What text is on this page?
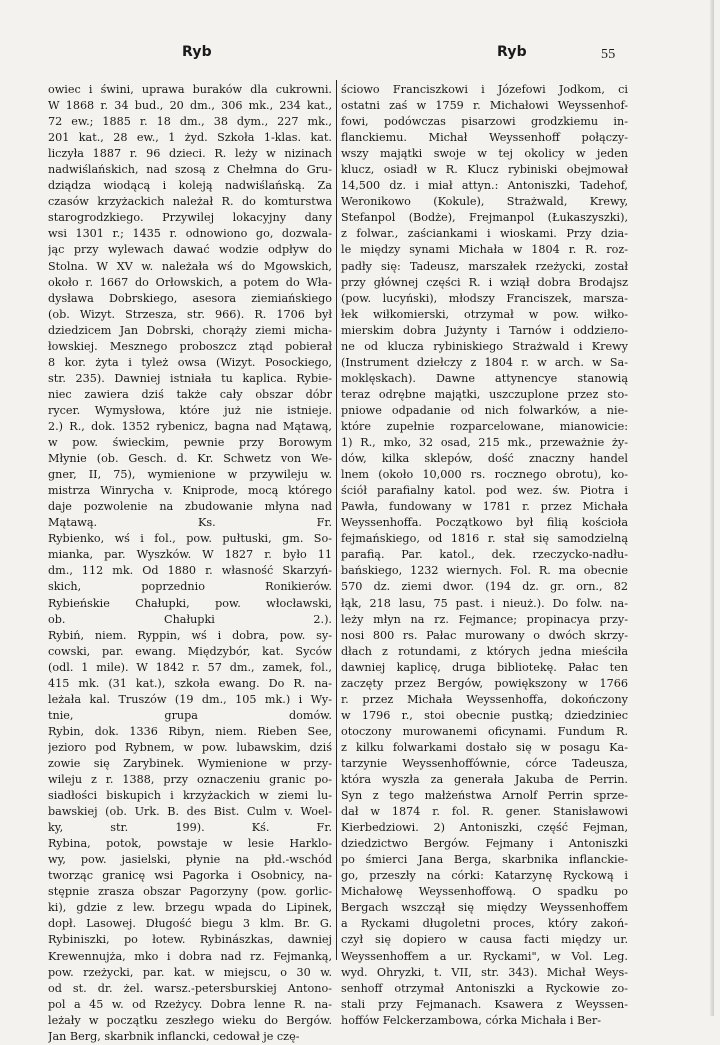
Ryb	Ryb	55
owiec i świni, uprawa buraków dla cukrowni.
W 1868 r. 34 bud., 20 dm., 306 mk., 234 kat.,
72 ew.; 1885 r. 18 dm., 38 dym., 227 mk.,
201 kat., 28 ew., 1 żyd. Szkoła 1-klas. kat.
liczyła 1887 r. 96 dzieci. R. leży w nizinach
nadwiślańskich, nad szosą z Chełmna do Gru-
dziądza wiodącą i koleją nadwiślańską. Za
czasów krzyżackich należał R. do komturstwa
starogrodzkiego. Przywilej lokacyjny dany
wsi 1301 r.; 1435 r. odnowiono go, dozwala-
jąc przy wylewach dawać wodzie odpływ do
Stolna. W XV w. należała wś do Mgowskich,
około r. 1667 do Orłowskich, a potem do Wła-
dysława Dobrskiego, asesora ziemiańskiego
(ob. Wizyt. Strzesza, str. 966). R. 1706 był
dziedzicem Jan Dobrski, chorąży ziemi micha-
łowskiej. Mesznego proboszcz ztąd pobierał
8 kor. żyta i tyleż owsa (Wizyt. Posockiego,
str. 235). Dawniej istniała tu kaplica. Rybie-
niec zawiera dziś także cały obszar dóbr
rycer. Wymysłowa, które już nie istnieje.
2.) R., dok. 1352 rybenicz, bagna nad Mątawą,
w pow. świeckim, pewnie przy Borowym
Młynie (ob. Gesch. d. Kr. Schwetz von We-
gner, II, 75), wymienione w przywileju w.
mistrza Winrycha v. Kniprode, mocą którego
daje pozwolenie na zbudowanie młyna nad
Mątawą. Ks. Fr.
Rybienko, wś i fol., pow. pułtuski, gm. So-
mianka, par. Wyszków. W 1827 r. było 11
dm., 112 mk. Od 1880 r. własność Skarzyń-
skich, poprzednio Ronikierów.
Rybieńskie Chałupki, pow. włocławski,
ob. Chałupki 2.).
Rybiń, niem. Ryppin, wś i dobra, pow. sy-
cowski, par. ewang. Międzybór, kat. Syców
(odl. 1 mile). W 1842 r. 57 dm., zamek, fol.,
415 mk. (31 kat.), szkoła ewang. Do R. na-
leżała kal. Truszów (19 dm., 105 mk.) i Wy-
tnie, grupa domów.
Rybin, dok. 1336 Ribyn, niem. Rieben See,
jezioro pod Rybnem, w pow. lubawskim, dziś
zowie się Zarybinek. Wymienione w przy-
wileju z r. 1388, przy oznaczeniu granic po-
siadłości biskupich i krzyżackich w ziemi lu-
bawskiej (ob. Urk. B. des Bist. Culm v. Woel-
ky, str. 199). Kś. Fr.
Rybina, potok, powstaje w lesie Harklo-
wy, pow. jasielski, płynie na płd.-wschód
tworząc granicę wsi Pagorka i Osobnicy, na-
stępnie zrasza obszar Pagorzyny (pow. gorlic-
ki), gdzie z lew. brzegu wpada do Lipinek,
dopł. Lasowej. Długość biegu 3 klm. Br. G.
Rybiniszki, po łotew. Rybinászkas, dawniej
Krewennujża, mko i dobra nad rz. Fejmanką,
pow. rzeżycki, par. kat. w miejscu, o 30 w.
od st. dr. żel. warsz.-petersburskiej Antono-
pol a 45 w. od Rzeżycy. Dobra lenne R. na-
leżały w początku zeszłego wieku do Bergów.
Jan Berg, skarbnik inflancki, cedował je czę-
ściowo Franciszkowi i Józefowi Jodkom, ci
ostatni zaś w 1759 r. Michałowi Weyssenhof-
fowi, podówczas pisarzowi grodzkiemu in-
flanckiemu. Michał Weyssenhoff połączy-
wszy majątki swoje w tej okolicy w jeden
klucz, osiadł w R. Klucz rybiniski obejmował
14,500 dz. i miał attyn.: Antoniszki, Tadehof,
Weronikowo (Kokule), Strażwald, Krewy,
Stefanpol (Bodże), Frejmanpol (Łukaszyszki),
z folwar., zaściankami i wioskami. Przy dzia-
le między synami Michała w 1804 r. R. roz-
padły się: Tadeusz, marszałek rzeżycki, został
przy głównej części R. i wziął dobra Brodajsz
(pow. lucyński), młodszy Franciszek, marsza-
łek wiłkomierski, otrzymał w pow. wiłko-
mierskim dobra Jużynty i Tarnów i oddziело-
ne od klucza rybiniskiego Strażwald i Krewy
(Instrument dziełczy z 1804 r. w arch. w Sa-
moklęskach). Dawne attynencye stanowią
teraz odrębne majątki, uszczuplone przez sto-
pniowe odpadanie od nich folwarków, a nie-
które zupełnie rozparcelowane, mianowicie:
1) R., mko, 32 osad, 215 mk., przeważnie ży-
dów, kilka sklepów, dość znaczny handel
lnem (około 10,000 rs. rocznego obrotu), ko-
ściół parafialny katol. pod wez. św. Piotra i
Pawła, fundowany w 1781 r. przez Michała
Weyssenhoffa. Początkowo był filią kościoła
fejmańskiego, od 1816 r. stał się samodzielną
parafią. Par. katol., dek. rzeczycko-nadłu-
bańskiego, 1232 wiernych. Fol. R. ma obecnie
570 dz. ziemi dwor. (194 dz. gr. orn., 82
łąk, 218 lasu, 75 past. i nieuż.). Do folw. na-
leży młyn na rz. Fejmance; propinacya przy-
nosi 800 rs. Pałac murowany o dwóch skrzy-
dłach z rotundami, z których jedna mieściła
dawniej kaplicę, druga bibliotekę. Pałac ten
zaczęty przez Bergów, powiększony w 1766
r. przez Michała Weyssenhoffa, dokończony
w 1796 r., stoi obecnie pustką; dziedziniec
otoczony murowanemi oficynami. Fundum R.
z kilku folwarkami dostało się w posagu Ka-
tarzynie Weyssenhoffównie, córce Tadeusza,
która wyszła za generała Jakuba de Perrin.
Syn z tego małżeństwa Arnolf Perrin sprze-
dał w 1874 r. fol. R. gener. Stanisławowi
Kierbedziowi. 2) Antoniszki, część Fejman,
dziedzictwo Bergów. Fejmany i Antoniszki
po śmierci Jana Berga, skarbnika inflanckie-
go, przeszły na córki: Katarzynę Ryckową i
Michałowę Weyssenhoffową. O spadku po
Bergach wszczął się między Weyssenhoffem
a Ryckami długoletni proces, który zakoń-
czył się dopiero w causa facti między ur.
Weyssenhoffem a ur. Ryckami", w Vol. Leg.
wyd. Ohryzki, t. VII, str. 343). Michał Weys-
senhoff otrzymał Antoniszki a Ryckowie zo-
stali przy Fejmanach. Ksawera z Weyssen-
hoffów Felckerzambowa, córka Michała i Ber-
